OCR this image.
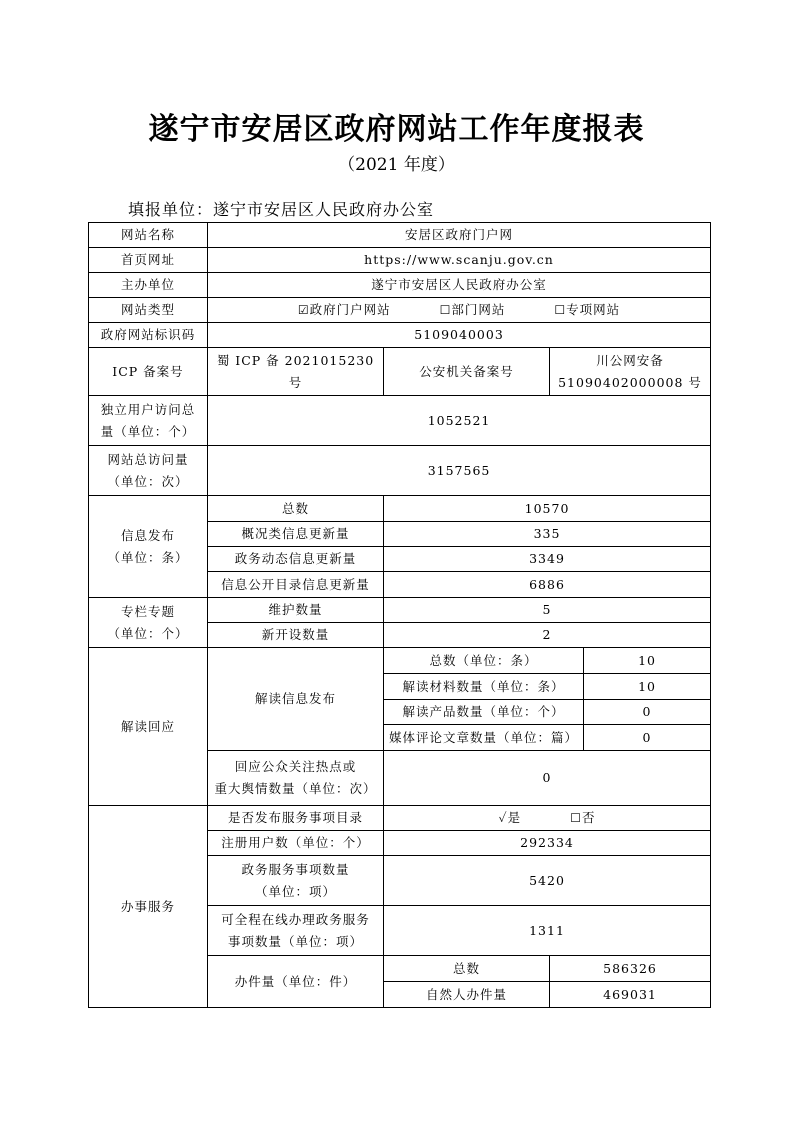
遂宁市安居区政府网站工作年度报表
（2021 年度）
填报单位：遂宁市安居区人民政府办公室
网站名称	安居区政府门户网			
首页网址	https://www.scanju.gov.cn			
主办单位	遂宁市安居区人民政府办公室			
网站类型	☑政府门户网站 ☐部门网站 ☐专项网站			
政府网站标识码	5109040003			
ICP 备案号	蜀 ICP 备 2021015230 号	公安机关备案号	川公网安备
51090402000008 号	

独立用户访问总
量（单位：个）	1052521			

网站总访问量
（单位：次）	3157565			

信息发布
（单位：条）	总数	10570		
	概况类信息更新量	335		
	政务动态信息更新量	3349		
	信息公开目录信息更新量	6886		

专栏专题
（单位：个）	维护数量	5		
	新开设数量	2		
解读回应	解读信息发布	总数（单位：条）		10
		解读材料数量（单位：条）		10
		解读产品数量（单位：个）		0
		媒体评论文章数量（单位：篇）		0

	回应公众关注热点或
重大舆情数量（单位：次）	0		
办事服务	是否发布服务事项目录	✓是 ☐否		
	注册用户数（单位：个）	292334		

	政务服务事项数量
（单位：项）	5420		

	可全程在线办理政务服务
事项数量（单位：项）	1311		
	办件量（单位：件）	总数	586326	
		自然人办件量	469031	
